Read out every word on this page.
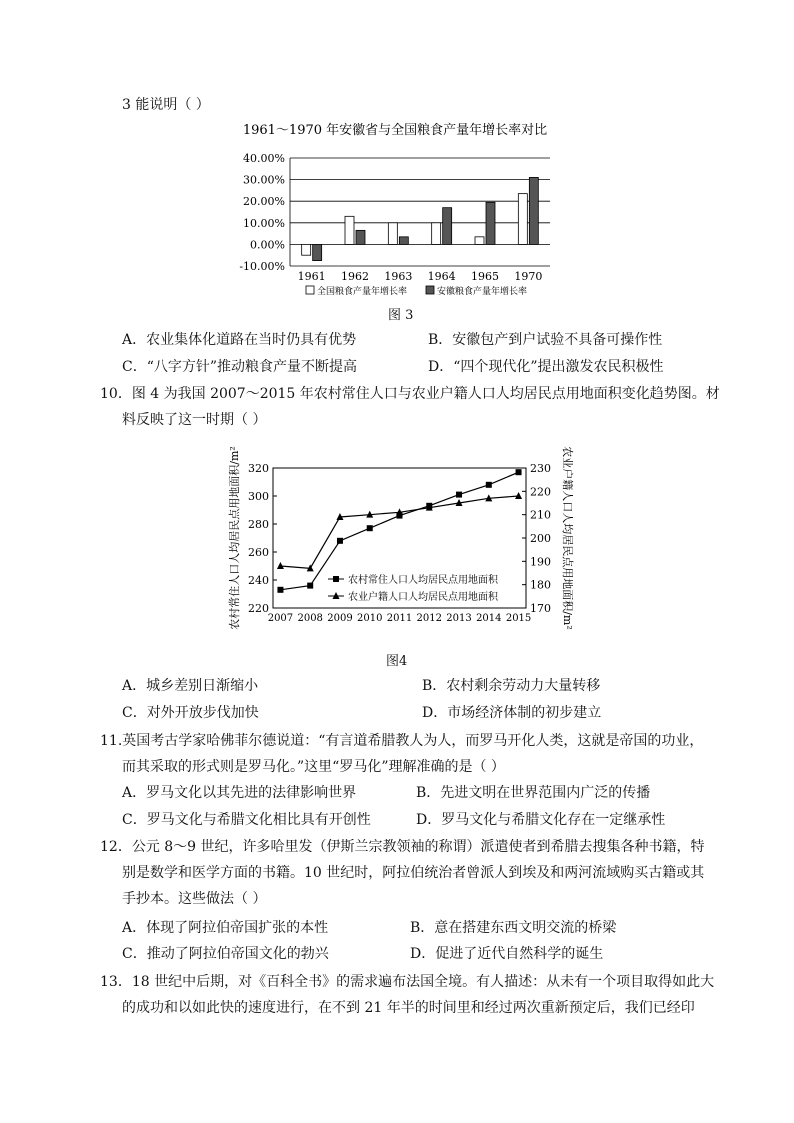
3 能说明（ ）
1961～1970 年安徽省与全国粮食产量年增长率对比
40.00%
30.00%
20.00%
10.00%
0.00%
-10.00%
1961 1962 1963 1964 1965 1970
全国粮食产量年增长率	安徽粮食产量年增长率
图 3
A．农业集体化道路在当时仍具有优势	B．安徽包产到户试验不具备可操作性
C．“八字方针”推动粮食产量不断提高	D．“四个现代化”提出激发农民积极性
10．图 4 为我国 2007～2015 年农村常住人口与农业户籍人口人均居民点用地面积变化趋势图。材
料反映了这一时期（ ）
220
240
260
280
300
320
170
180
190
200
210
220
230
2007 2008 2009 2010 2011 2012 2013 2014 2015
农村常住人口人均居民点用地面积/m²	农业户籍人口人均居民点用地面积/m²
农村常住人口人均居民点用地面积
农业户籍人口人均居民点用地面积
图4
A．城乡差别日渐缩小	B．农村剩余劳动力大量转移
C．对外开放步伐加快	D．市场经济体制的初步建立
11.英国考古学家哈佛菲尔德说道：“有言道希腊教人为人，而罗马开化人类，这就是帝国的功业，
而其采取的形式则是罗马化。”这里“罗马化”理解准确的是（ ）
A．罗马文化以其先进的法律影响世界	B．先进文明在世界范围内广泛的传播
C．罗马文化与希腊文化相比具有开创性	D．罗马文化与希腊文化存在一定继承性
12．公元 8～9 世纪，许多哈里发（伊斯兰宗教领袖的称谓）派遣使者到希腊去搜集各种书籍，特
别是数学和医学方面的书籍。10 世纪时，阿拉伯统治者曾派人到埃及和两河流域购买古籍或其
手抄本。这些做法（ ）
A．体现了阿拉伯帝国扩张的本性	B．意在搭建东西文明交流的桥梁
C．推动了阿拉伯帝国文化的勃兴	D．促进了近代自然科学的诞生
13．18 世纪中后期，对《百科全书》的需求遍布法国全境。有人描述：从未有一个项目取得如此大
的成功和以如此快的速度进行，在不到 21 年半的时间里和经过两次重新预定后，我们已经印
